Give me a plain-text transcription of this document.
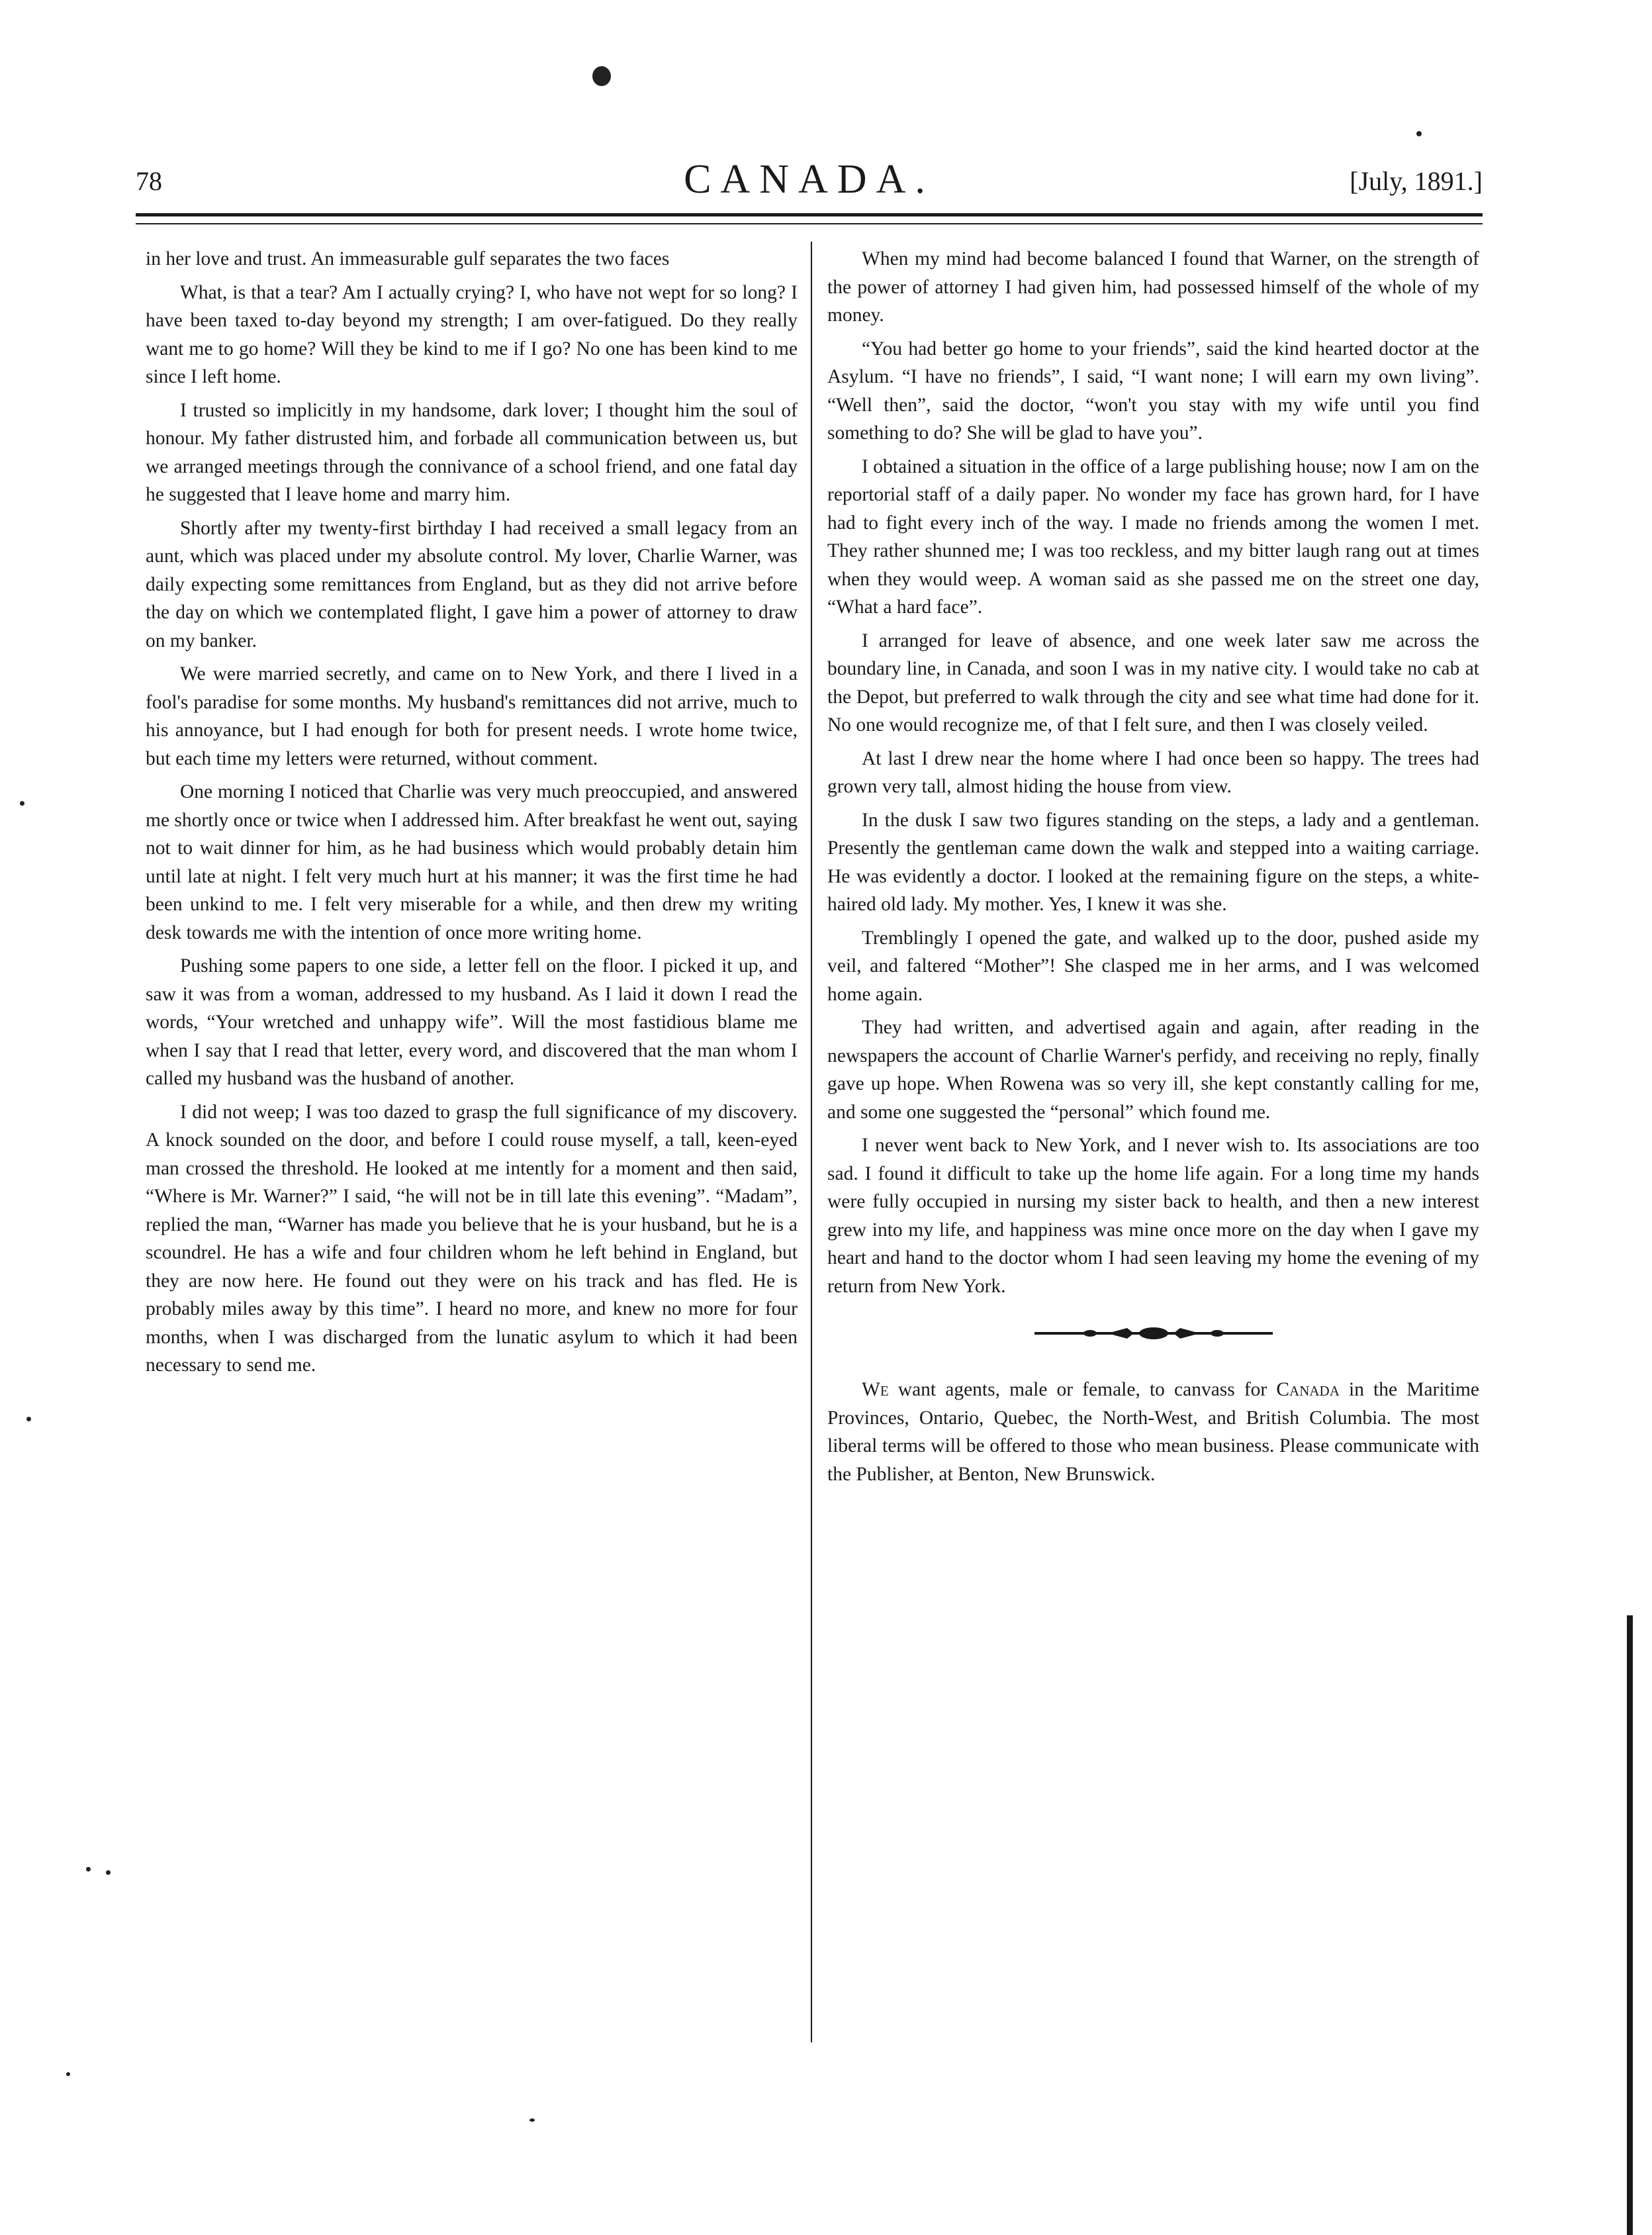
78	CANADA.	[July, 1891.]

in her love and trust. An immeasurable gulf separates the two faces

What, is that a tear? Am I actually crying? I, who have not wept for so long? I have been taxed to-day beyond my strength; I am over-fatigued. Do they really want me to go home? Will they be kind to me if I go? No one has been kind to me since I left home.

I trusted so implicitly in my handsome, dark lover; I thought him the soul of honour. My father distrusted him, and forbade all communication between us, but we arranged meetings through the connivance of a school friend, and one fatal day he suggested that I leave home and marry him.

Shortly after my twenty-first birthday I had received a small legacy from an aunt, which was placed under my absolute control. My lover, Charlie Warner, was daily expecting some remittances from England, but as they did not arrive before the day on which we contemplated flight, I gave him a power of attorney to draw on my banker.

We were married secretly, and came on to New York, and there I lived in a fool's paradise for some months. My husband's remittances did not arrive, much to his annoyance, but I had enough for both for present needs. I wrote home twice, but each time my letters were returned, without comment.

One morning I noticed that Charlie was very much preoccupied, and answered me shortly once or twice when I addressed him. After breakfast he went out, saying not to wait dinner for him, as he had business which would probably detain him until late at night. I felt very much hurt at his manner; it was the first time he had been unkind to me. I felt very miserable for a while, and then drew my writing desk towards me with the intention of once more writing home.

Pushing some papers to one side, a letter fell on the floor. I picked it up, and saw it was from a woman, addressed to my husband. As I laid it down I read the words, “Your wretched and unhappy wife”. Will the most fastidious blame me when I say that I read that letter, every word, and discovered that the man whom I called my husband was the husband of another.

I did not weep; I was too dazed to grasp the full significance of my discovery. A knock sounded on the door, and before I could rouse myself, a tall, keen-eyed man crossed the threshold. He looked at me intently for a moment and then said, “Where is Mr. Warner?” I said, “he will not be in till late this evening”. “Madam”, replied the man, “Warner has made you believe that he is your husband, but he is a scoundrel. He has a wife and four children whom he left behind in England, but they are now here. He found out they were on his track and has fled. He is probably miles away by this time”. I heard no more, and knew no more for four months, when I was discharged from the lunatic asylum to which it had been necessary to send me.

When my mind had become balanced I found that Warner, on the strength of the power of attorney I had given him, had possessed himself of the whole of my money.

“You had better go home to your friends”, said the kind hearted doctor at the Asylum. “I have no friends”, I said, “I want none; I will earn my own living”. “Well then”, said the doctor, “won't you stay with my wife until you find something to do? She will be glad to have you”.

I obtained a situation in the office of a large publishing house; now I am on the reportorial staff of a daily paper. No wonder my face has grown hard, for I have had to fight every inch of the way. I made no friends among the women I met. They rather shunned me; I was too reckless, and my bitter laugh rang out at times when they would weep. A woman said as she passed me on the street one day, “What a hard face”.

I arranged for leave of absence, and one week later saw me across the boundary line, in Canada, and soon I was in my native city. I would take no cab at the Depot, but preferred to walk through the city and see what time had done for it. No one would recognize me, of that I felt sure, and then I was closely veiled.

At last I drew near the home where I had once been so happy. The trees had grown very tall, almost hiding the house from view.

In the dusk I saw two figures standing on the steps, a lady and a gentleman. Presently the gentleman came down the walk and stepped into a waiting carriage. He was evidently a doctor. I looked at the remaining figure on the steps, a white-haired old lady. My mother. Yes, I knew it was she.

Tremblingly I opened the gate, and walked up to the door, pushed aside my veil, and faltered “Mother”! She clasped me in her arms, and I was welcomed home again.

They had written, and advertised again and again, after reading in the newspapers the account of Charlie Warner's perfidy, and receiving no reply, finally gave up hope. When Rowena was so very ill, she kept constantly calling for me, and some one suggested the “personal” which found me.

I never went back to New York, and I never wish to. Its associations are too sad. I found it difficult to take up the home life again. For a long time my hands were fully occupied in nursing my sister back to health, and then a new interest grew into my life, and happiness was mine once more on the day when I gave my heart and hand to the doctor whom I had seen leaving my home the evening of my return from New York.

We want agents, male or female, to canvass for Canada in the Maritime Provinces, Ontario, Quebec, the North-West, and British Columbia. The most liberal terms will be offered to those who mean business. Please communicate with the Publisher, at Benton, New Brunswick.
